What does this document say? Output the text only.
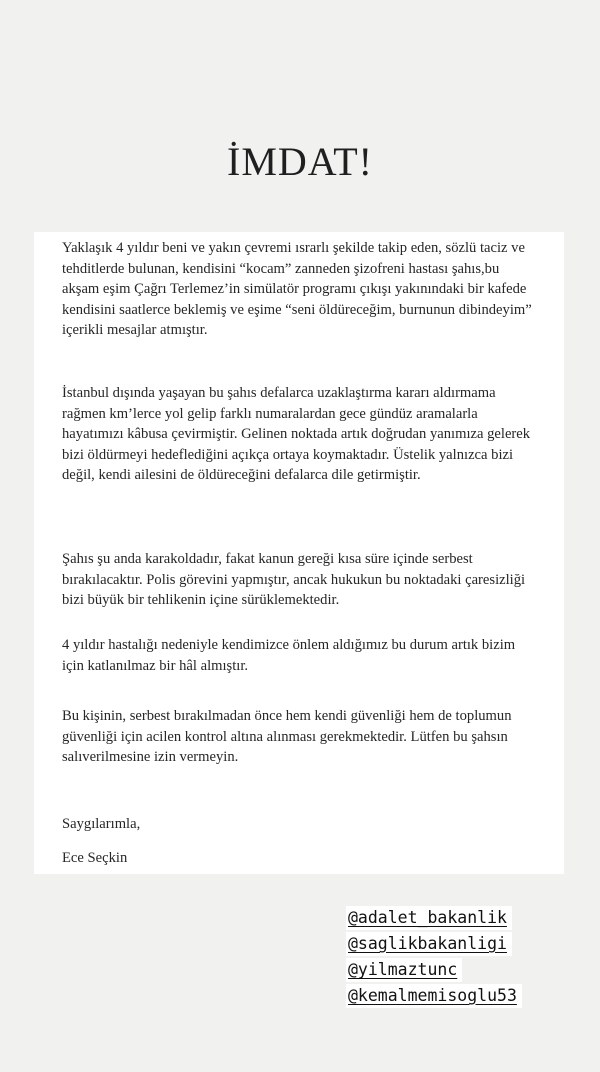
İMDAT!

Yaklaşık 4 yıldır beni ve yakın çevremi ısrarlı şekilde takip eden, sözlü taciz ve tehditlerde bulunan, kendisini “kocam” zanneden şizofreni hastası şahıs,bu akşam eşim Çağrı Terlemez’in simülatör programı çıkışı yakınındaki bir kafede kendisini saatlerce beklemiş ve eşime “seni öldüreceğim, burnunun dibindeyim” içerikli mesajlar atmıştır.

İstanbul dışında yaşayan bu şahıs defalarca uzaklaştırma kararı aldırmama rağmen km’lerce yol gelip farklı numaralardan gece gündüz aramalarla hayatımızı kâbusa çevirmiştir. Gelinen noktada artık doğrudan yanımıza gelerek bizi öldürmeyi hedeflediğini açıkça ortaya koymaktadır. Üstelik yalnızca bizi değil, kendi ailesini de öldüreceğini defalarca dile getirmiştir.

Şahıs şu anda karakoldadır, fakat kanun gereği kısa süre içinde serbest bırakılacaktır. Polis görevini yapmıştır, ancak hukukun bu noktadaki çaresizliği bizi büyük bir tehlikenin içine sürüklemektedir.

4 yıldır hastalığı nedeniyle kendimizce önlem aldığımız bu durum artık bizim için katlanılmaz bir hâl almıştır.

Bu kişinin, serbest bırakılmadan önce hem kendi güvenliği hem de toplumun güvenliği için acilen kontrol altına alınması gerekmektedir. Lütfen bu şahsın salıverilmesine izin vermeyin.

Saygılarımla,

Ece Seçkin

@adalet_bakanlik
@saglikbakanligi
@yilmaztunc
@kemalmemisoglu53
